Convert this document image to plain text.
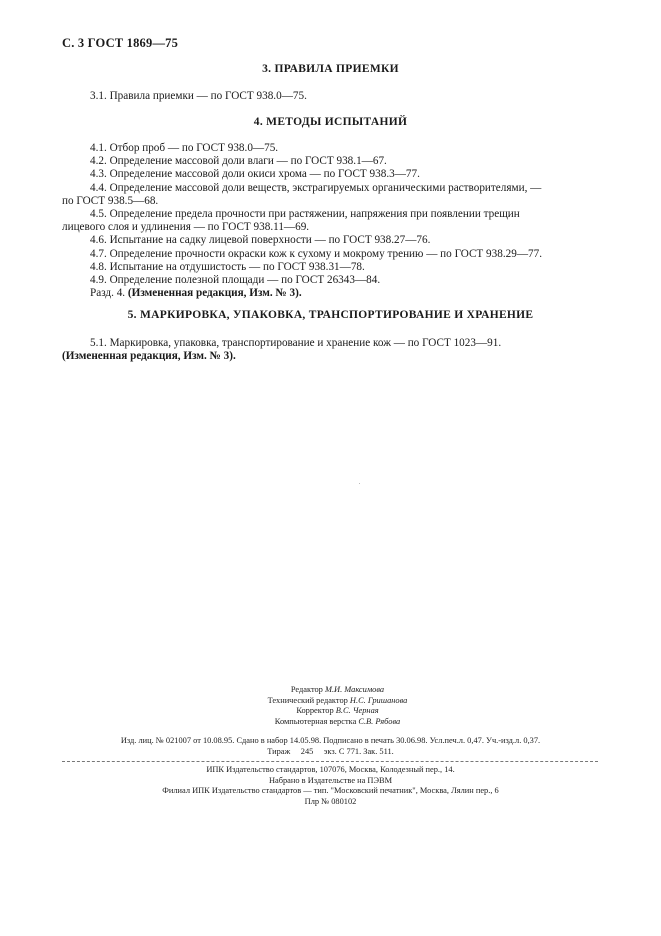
С. 3 ГОСТ 1869—75
3. ПРАВИЛА ПРИЕМКИ
3.1. Правила приемки — по ГОСТ 938.0—75.
4. МЕТОДЫ ИСПЫТАНИЙ
4.1. Отбор проб — по ГОСТ 938.0—75.
4.2. Определение массовой доли влаги — по ГОСТ 938.1—67.
4.3. Определение массовой доли окиси хрома — по ГОСТ 938.3—77.
4.4. Определение массовой доли веществ, экстрагируемых органическими растворителями, —
по ГОСТ 938.5—68.
4.5. Определение предела прочности при растяжении, напряжения при появлении трещин
лицевого слоя и удлинения — по ГОСТ 938.11—69.
4.6. Испытание на садку лицевой поверхности — по ГОСТ 938.27—76.
4.7. Определение прочности окраски кож к сухому и мокрому трению — по ГОСТ 938.29—77.
4.8. Испытание на отдушистость — по ГОСТ 938.31—78.
4.9. Определение полезной площади — по ГОСТ 26343—84.
Разд. 4. (Измененная редакция, Изм. № 3).
5. МАРКИРОВКА, УПАКОВКА, ТРАНСПОРТИРОВАНИЕ И ХРАНЕНИЕ
5.1. Маркировка, упаковка, транспортирование и хранение кож — по ГОСТ 1023—91.
(Измененная редакция, Изм. № 3).
Редактор М.И. Максимова
Технический редактор Н.С. Гришанова
Корректор В.С. Черная
Компьютерная верстка С.В. Рябова
Изд. лиц. № 021007 от 10.08.95. Сдано в набор 14.05.98. Подписано в печать 30.06.98. Усл.печ.л. 0,47. Уч.-изд.л. 0,37.
Тираж     245     экз. С 771. Зак. 511.
ИПК Издательство стандартов, 107076, Москва, Колодезный пер., 14.
Набрано в Издательстве на ПЭВМ
Филиал ИПК Издательство стандартов — тип. "Московский печатник", Москва, Лялин пер., 6
Плр № 080102
